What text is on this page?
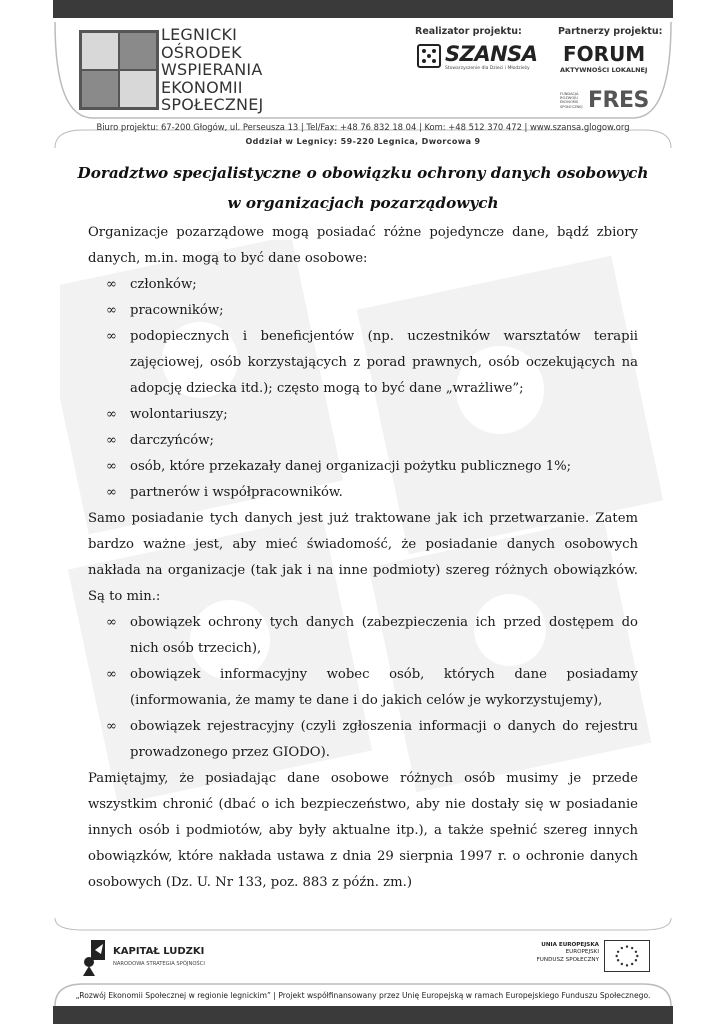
LEGNICKI
OŚRODEK
WSPIERANIA
EKONOMII
SPOŁECZNEJ
Realizator projektu:
SZANSA
Stowarzyszenie dla Dzieci i Młodzieży
Partnerzy projektu:
FORUM
AKTYWNOŚCI LOKALNEJ
FUNDACJA
ROZWOJU
EKONOMII
SPOŁECZNEJ FRES
Biuro projektu: 67-200 Głogów, ul. Perseusza 13 | Tel/Fax: +48 76 832 18 04 | Kom: +48 512 370 472 | www.szansa.glogow.org
Oddział w Legnicy: 59-220 Legnica, Dworcowa 9
Doradztwo specjalistyczne o obowiązku ochrony danych osobowych
w organizacjach pozarządowych

Organizacje pozarządowe mogą posiadać różne pojedyncze dane, bądź zbiory danych, m.in. mogą to być dane osobowe:

∞ członków;
∞ pracowników;
∞ podopiecznych i beneficjentów (np. uczestników warsztatów terapii zajęciowej, osób korzystających z porad prawnych, osób oczekujących na adopcję dziecka itd.); często mogą to być dane „wrażliwe”;
∞ wolontariuszy;
∞ darczyńców;
∞ osób, które przekazały danej organizacji pożytku publicznego 1%;
∞ partnerów i współpracowników.

Samo posiadanie tych danych jest już traktowane jak ich przetwarzanie. Zatem bardzo ważne jest, aby mieć świadomość, że posiadanie danych osobowych nakłada na organizacje (tak jak i na inne podmioty) szereg różnych obowiązków. Są to min.:

∞ obowiązek ochrony tych danych (zabezpieczenia ich przed dostępem do nich osób trzecich),
∞ obowiązek informacyjny wobec osób, których dane posiadamy (informowania, że mamy te dane i do jakich celów je wykorzystujemy),
∞ obowiązek rejestracyjny (czyli zgłoszenia informacji o danych do rejestru prowadzonego przez GIODO).

Pamiętajmy, że posiadając dane osobowe różnych osób musimy je przede wszystkim chronić (dbać o ich bezpieczeństwo, aby nie dostały się w posiadanie innych osób i podmiotów, aby były aktualne itp.), a także spełnić szereg innych obowiązków, które nakłada ustawa z dnia 29 sierpnia 1997 r. o ochronie danych osobowych (Dz. U. Nr 133, poz. 883 z późn. zm.)

KAPITAŁ LUDZKI
NARODOWA STRATEGIA SPÓJNOŚCI
UNIA EUROPEJSKA
EUROPEJSKI
FUNDUSZ SPOŁECZNY
„Rozwój Ekonomii Społecznej w regionie legnickim” | Projekt współfinansowany przez Unię Europejską w ramach Europejskiego Funduszu Społecznego.
